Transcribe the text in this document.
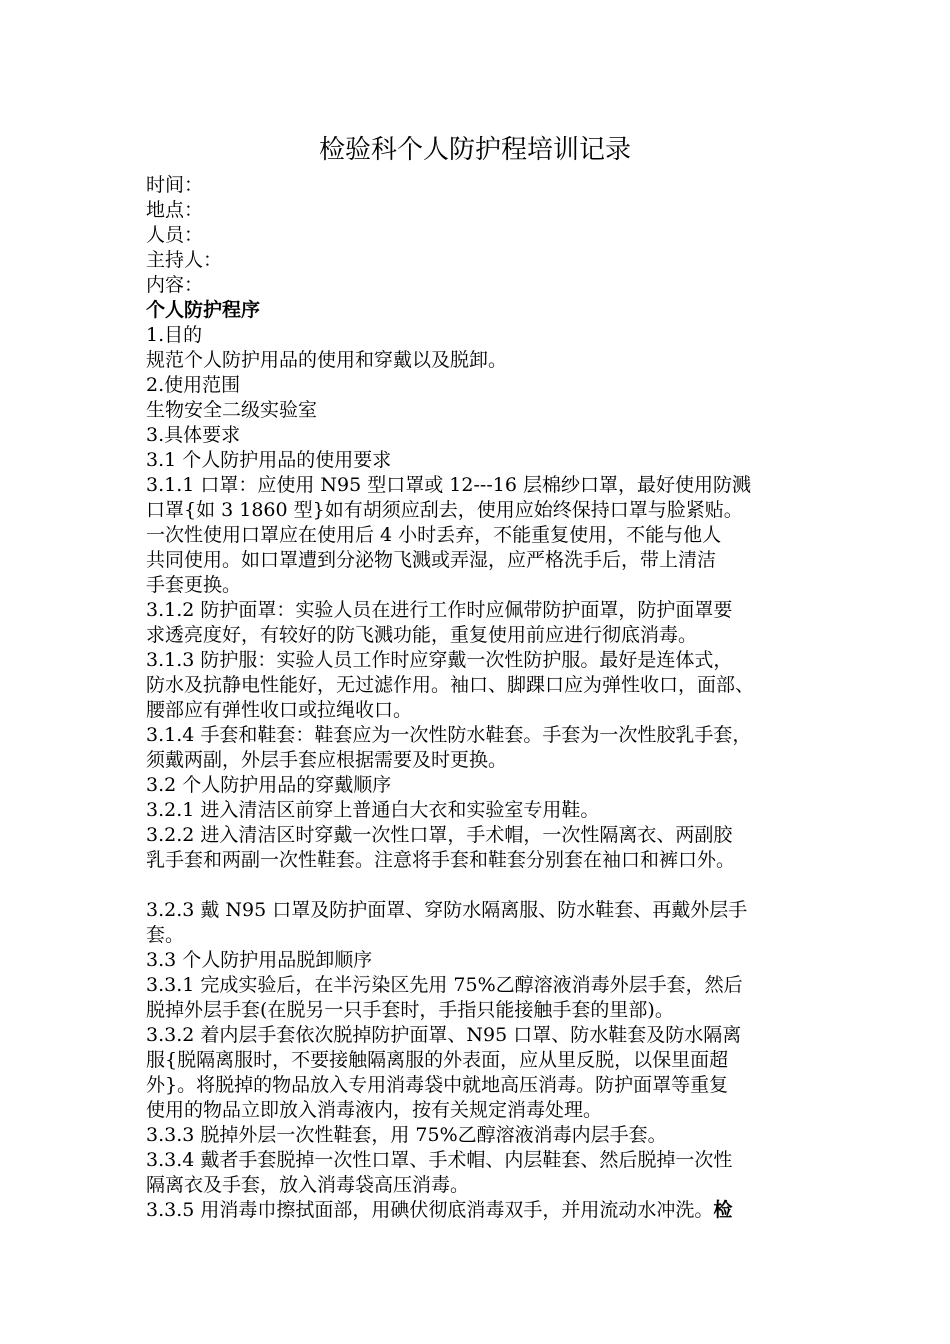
检验科个人防护程培训记录
时间：
地点：
人员：
主持人：
内容：
个人防护程序
1.目的
规范个人防护用品的使用和穿戴以及脱卸。
2.使用范围
生物安全二级实验室
3.具体要求
3.1 个人防护用品的使用要求
3.1.1 口罩：应使用 N95 型口罩或 12---16 层棉纱口罩，最好使用防溅
口罩{如 3 1860 型}如有胡须应刮去，使用应始终保持口罩与脸紧贴。
一次性使用口罩应在使用后 4 小时丢弃，不能重复使用，不能与他人
共同使用。如口罩遭到分泌物飞溅或弄湿，应严格洗手后，带上清洁
手套更换。
3.1.2 防护面罩：实验人员在进行工作时应佩带防护面罩，防护面罩要
求透亮度好，有较好的防飞溅功能，重复使用前应进行彻底消毒。
3.1.3 防护服：实验人员工作时应穿戴一次性防护服。最好是连体式，
防水及抗静电性能好，无过滤作用。袖口、脚踝口应为弹性收口，面部、
腰部应有弹性收口或拉绳收口。
3.1.4 手套和鞋套：鞋套应为一次性防水鞋套。手套为一次性胶乳手套，
须戴两副，外层手套应根据需要及时更换。
3.2 个人防护用品的穿戴顺序
3.2.1 进入清洁区前穿上普通白大衣和实验室专用鞋。
3.2.2 进入清洁区时穿戴一次性口罩，手术帽，一次性隔离衣、两副胶
乳手套和两副一次性鞋套。注意将手套和鞋套分别套在袖口和裤口外。
3.2.3 戴 N95 口罩及防护面罩、穿防水隔离服、防水鞋套、再戴外层手
套。
3.3 个人防护用品脱卸顺序
3.3.1 完成实验后，在半污染区先用 75%乙醇溶液消毒外层手套，然后
脱掉外层手套(在脱另一只手套时，手指只能接触手套的里部)。
3.3.2 着内层手套依次脱掉防护面罩、N95 口罩、防水鞋套及防水隔离
服{脱隔离服时，不要接触隔离服的外表面，应从里反脱，以保里面超
外}。将脱掉的物品放入专用消毒袋中就地高压消毒。防护面罩等重复
使用的物品立即放入消毒液内，按有关规定消毒处理。
3.3.3 脱掉外层一次性鞋套，用 75%乙醇溶液消毒内层手套。
3.3.4 戴者手套脱掉一次性口罩、手术帽、内层鞋套、然后脱掉一次性
隔离衣及手套，放入消毒袋高压消毒。
3.3.5 用消毒巾擦拭面部，用碘伏彻底消毒双手，并用流动水冲洗。检
